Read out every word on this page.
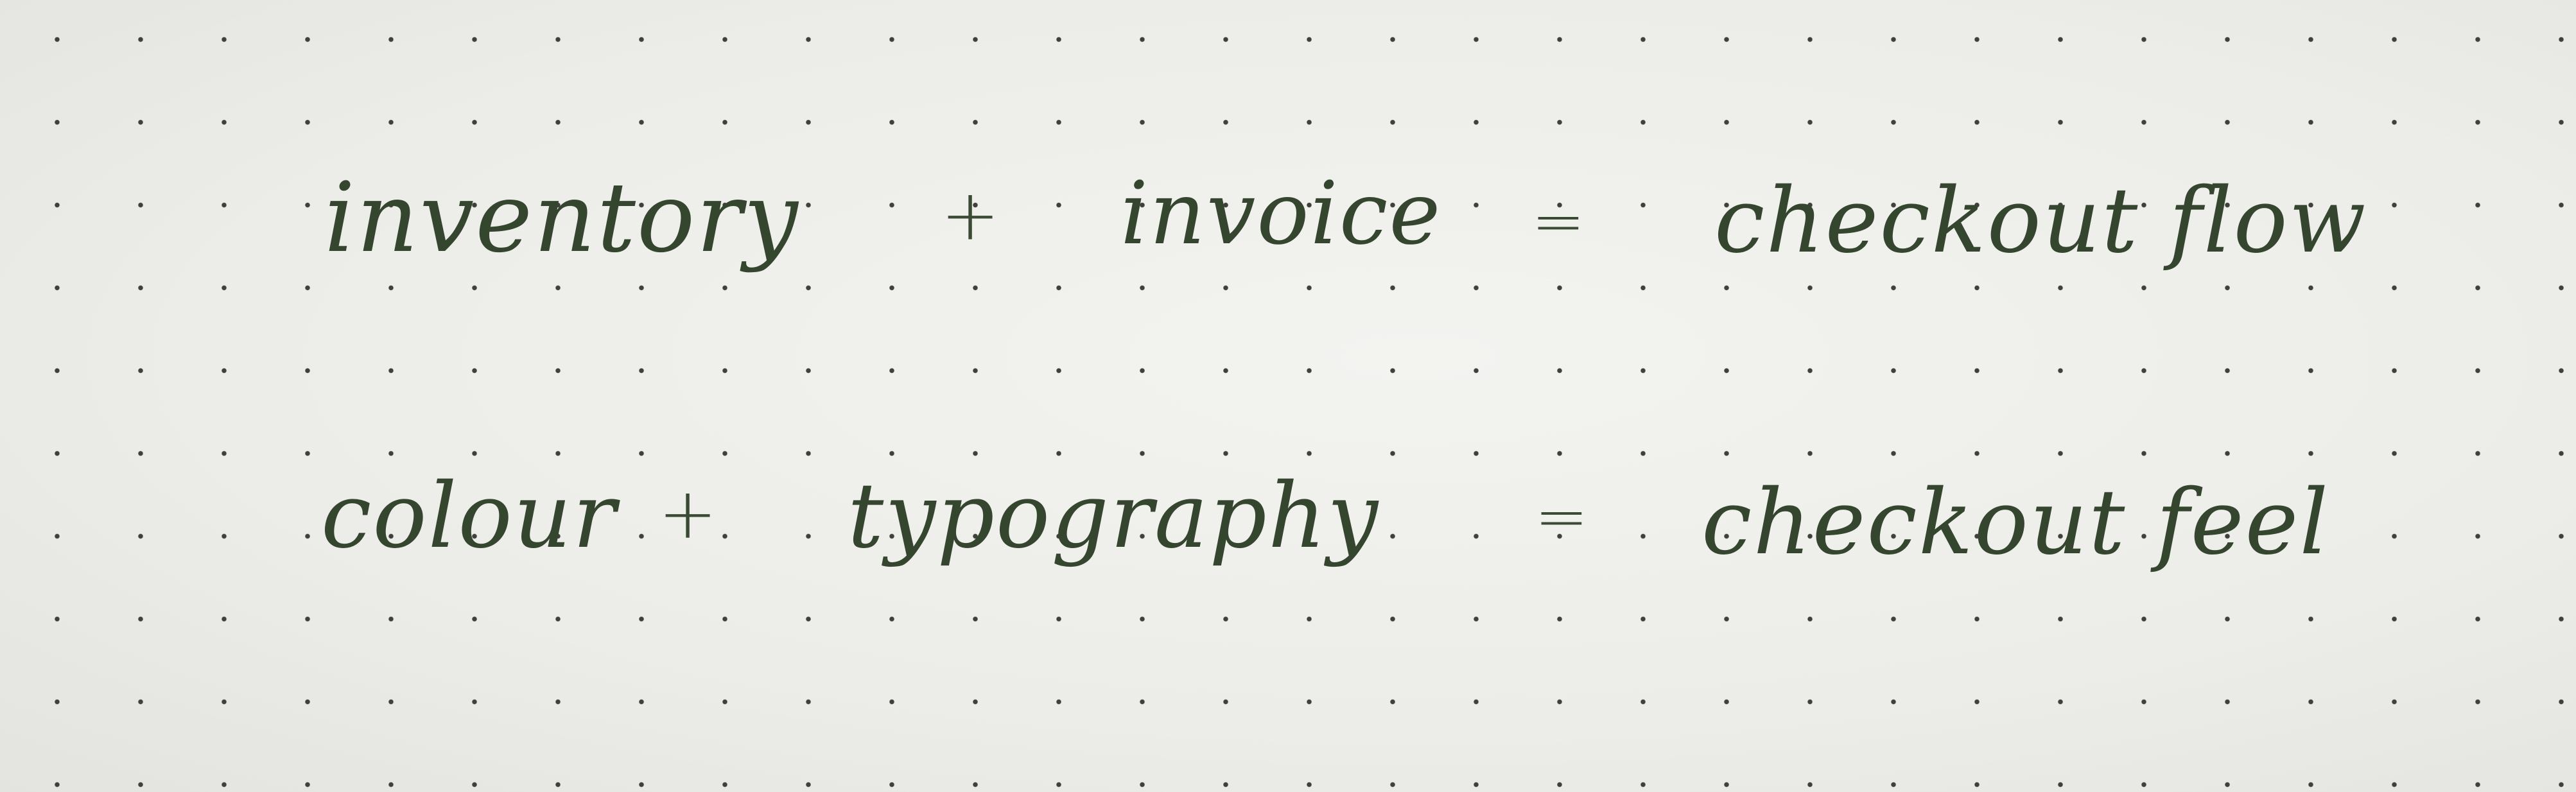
inventory + invoice = checkout flow

colour + typography = checkout feel
